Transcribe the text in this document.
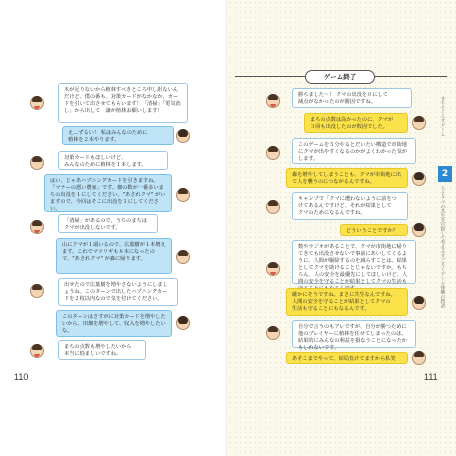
木が足りないから植林すべきところ申し訳ないんだけど、僕の番も。対策カードがなかなか、カードを引いて出させてもらいます！「清掃」「電気消し」から出して　譲が植林お願いします！
え…ずるい！ 私はみんなのために
植林を２本やります。
対策カードもほしいけど、
みんなのために植林を１本します。
はい、じゃあハプニングカードを引きますね。「マナーの悪い農家」です。畑の数が一番多いまちの出没を１にしてください。"あされクマ" がいますので、今回はそこに出没を１にしてください。
「清掃」があるので、うちのまちは
クマが出没しないです。
山にクマが１頭いるので、広葉樹が１本増えます。これでマツリギも８本になったので、"あされクマ" が森に帰ります。
出せたので広葉樹を増やさないようにしましょうね。このターンで出したハプニングカードを２枚以内なので気を付けてください。
このターンはさすがに対策カードを増やしたいから、田畑を増やして、収入を増やしたいな。
まちの点数も増やしたいから
本当に悩ましいですね。
110
ゲーム終了
2
まちとくらすゲーム
人とクマの共生を目指して考えるすごろくゲーム体験の物語
勝ちました～！ クマの出没を０にして
減点がなかったのが勝因ですね。
まちの点数は高かったのに、クマが
３回も出没したのが敗因でした。
このゲームを５分やるとだいたい構造で市街地にクマが出やすくなるのかがよくわかった気がします。
森を増やしてしまうことも、クマが市街地に出
て人を襲うのにつながるんですね。
キャンプで「クマに遭わないように前をつ
けてあるんですけど、それが結果として
クマのためになるんですね。
どういうことですか？
数やラジオがあることで、クマが市街地に帰りてきても出没させないで事前にあいしてくるように、人間が駆除するのを減らすことは、結果としてクマを助けることじゃないですか。もちろん、人の安全を最優先にしてほしいけど、人間の安全を守ることが結果としてクマの生活も
確かにそうですね。まさに共生なんですね。
人間の安全を守ることが結果としてクマの
生活も守ることにもなるんです。
自分で言うのもアレですが、自分が勝つために他のプレイヤーに植林を任せてしまったのは、結果的にみんなの利益を損なうことになったかもしれないです。
あそこまでやって、結局負けてますから私笑
111
